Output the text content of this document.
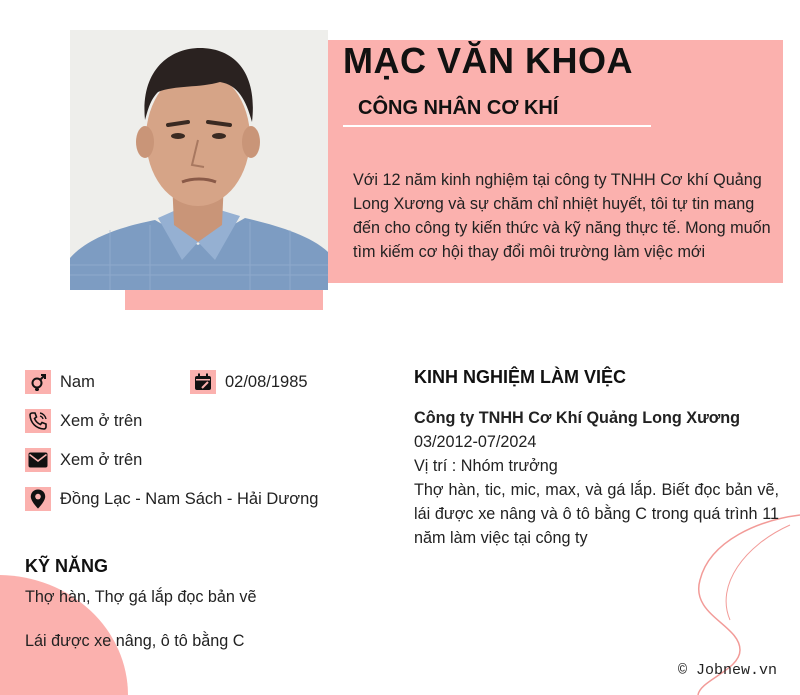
MẠC VĂN KHOA
CÔNG NHÂN CƠ KHÍ
Với 12 năm kinh nghiệm tại công ty TNHH Cơ khí Quảng Long Xương và sự chăm chỉ nhiệt huyết, tôi tự tin mang đến cho công ty kiến thức và kỹ năng thực tế. Mong muốn tìm kiếm cơ hội thay đổi môi trường làm việc mới
Nam	02/08/1985
Xem ở trên
Xem ở trên
Đồng Lạc - Nam Sách - Hải Dương
KỸ NĂNG
Thợ hàn, Thợ gá lắp đọc bản vẽ
Lái được xe nâng, ô tô bằng C
KINH NGHIỆM LÀM VIỆC
Công ty TNHH Cơ Khí Quảng Long Xương
03/2012-07/2024
Vị trí : Nhóm trưởng
Thợ hàn, tic, mic, max, và gá lắp. Biết đọc bản vẽ, lái được xe nâng và ô tô bằng C trong quá trình 11 năm làm việc tại công ty
© Jobnew.vn
